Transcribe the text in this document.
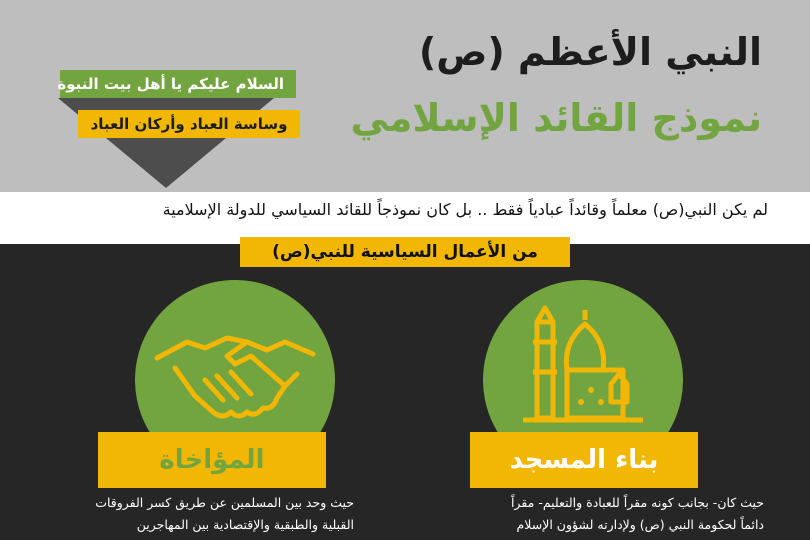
السلام عليكم يا أهل بيت النبوة
وساسة العباد وأركان العباد
النبي الأعظم (ص)
نموذج القائد الإسلامي

لم يكن النبي(ص) معلماً وقائداً عبادياً فقط .. بل كان نموذجاً للقائد السياسي للدولة الإسلامية

من الأعمال السياسية للنبي(ص)
المؤاخاة	بناء المسجد

حيث وحد بين المسلمين عن طريق كسر الفروقات
القبلية والطبقية والإقتصادية بين المهاجرين

حيث كان- بجانب كونه مقراً للعبادة والتعليم- مقراً
دائماً لحكومة النبي (ص) ولإدارته لشؤون الإسلام
